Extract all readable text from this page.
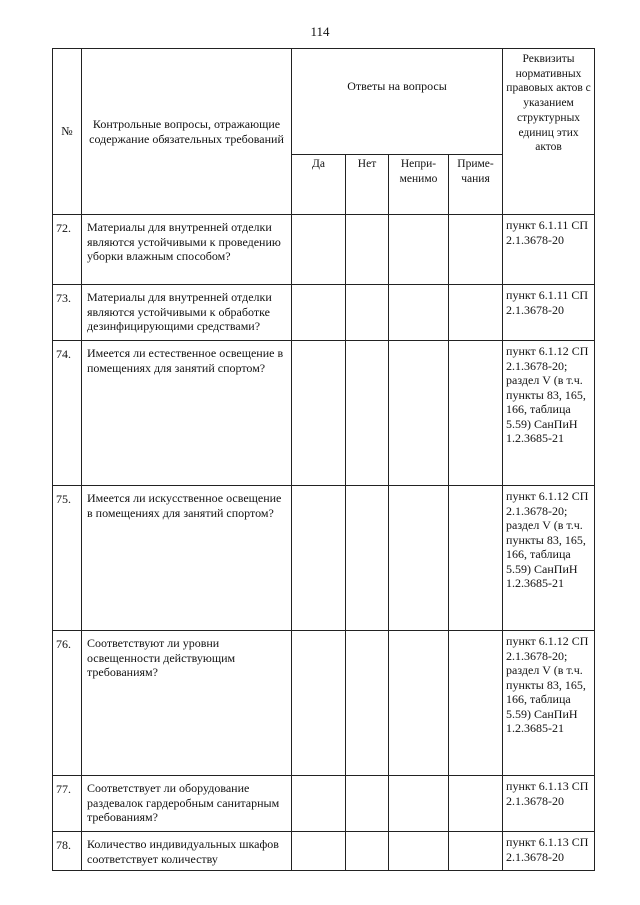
114
№	Контрольные вопросы, отражающие содержание обязательных требований	Ответы на вопросы				Реквизиты нормативных правовых актов с указанием структурных единиц этих актов
		Да	Нет	Непри-менимо	Приме-чания	
72.	Материалы для внутренней отделки являются устойчивыми к проведению уборки влажным способом?					пункт 6.1.11 СП 2.1.3678-20
73.	Материалы для внутренней отделки являются устойчивыми к обработке дезинфицирующими средствами?					пункт 6.1.11 СП 2.1.3678-20
74.	Имеется ли естественное освещение в помещениях для занятий спортом?					пункт 6.1.12 СП 2.1.3678-20; раздел V (в т.ч. пункты 83, 165, 166, таблица 5.59) СанПиН 1.2.3685-21
75.	Имеется ли искусственное освещение в помещениях для занятий спортом?					пункт 6.1.12 СП 2.1.3678-20; раздел V (в т.ч. пункты 83, 165, 166, таблица 5.59) СанПиН 1.2.3685-21
76.	Соответствуют ли уровни освещенности действующим требованиям?					пункт 6.1.12 СП 2.1.3678-20; раздел V (в т.ч. пункты 83, 165, 166, таблица 5.59) СанПиН 1.2.3685-21
77.	Соответствует ли оборудование раздевалок гардеробным санитарным требованиям?					пункт 6.1.13 СП 2.1.3678-20
78.	Количество индивидуальных шкафов соответствует количеству					пункт 6.1.13 СП 2.1.3678-20
